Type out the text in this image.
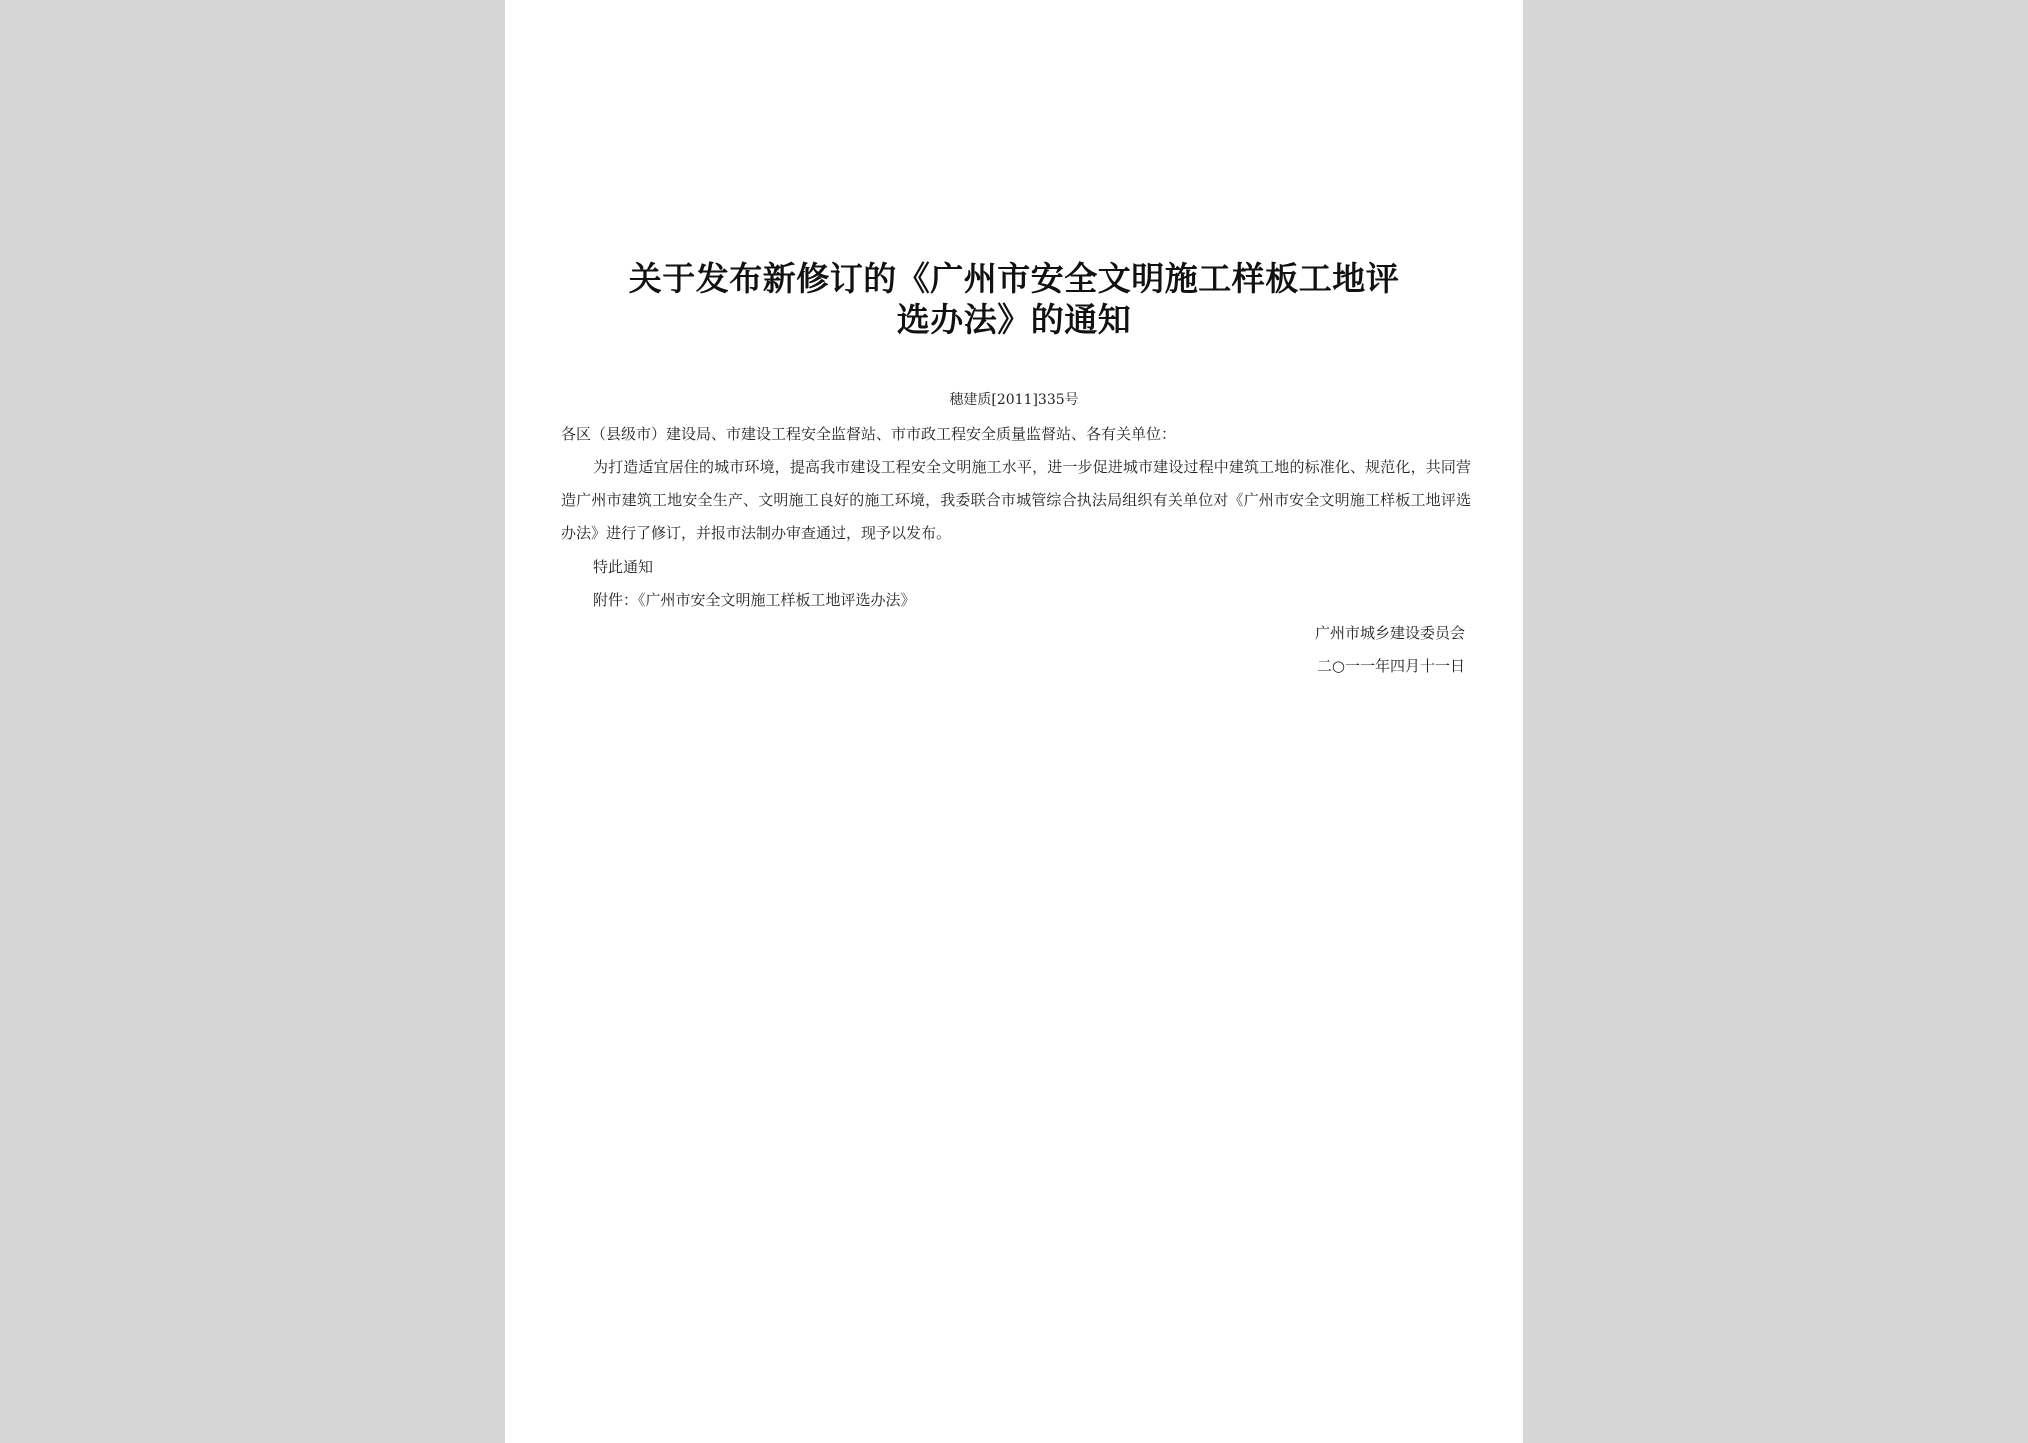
关于发布新修订的《广州市安全文明施工样板工地评
选办法》的通知
穗建质[2011]335号
各区（县级市）建设局、市建设工程安全监督站、市市政工程安全质量监督站、各有关单位：
为打造适宜居住的城市环境，提高我市建设工程安全文明施工水平，进一步促进城市建设过程中建筑工地的标准化、规范化，共同营造广州市建筑工地安全生产、文明施工良好的施工环境，我委联合市城管综合执法局组织有关单位对《广州市安全文明施工样板工地评选办法》进行了修订，并报市法制办审查通过，现予以发布。
特此通知
附件：《广州市安全文明施工样板工地评选办法》
广州市城乡建设委员会
二○一一年四月十一日
